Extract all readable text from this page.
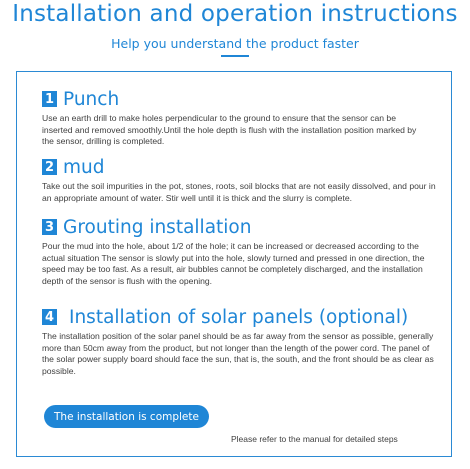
Installation and operation instructions
Help you understand the product faster
1 Punch
Use an earth drill to make holes perpendicular to the ground to ensure that the sensor can be inserted and removed smoothly.Until the hole depth is flush with the installation position marked by the sensor, drilling is completed.
2 mud
Take out the soil impurities in the pot, stones, roots, soil blocks that are not easily dissolved, and pour in an appropriate amount of water. Stir well until it is thick and the slurry is complete.
3 Grouting installation
Pour the mud into the hole, about 1/2 of the hole; it can be increased or decreased according to the actual situation The sensor is slowly put into the hole, slowly turned and pressed in one direction, the speed may be too fast. As a result, air bubbles cannot be completely discharged, and the installation depth of the sensor is flush with the opening.
4 Installation of solar panels (optional)
The installation position of the solar panel should be as far away from the sensor as possible, generally more than 50cm away from the product, but not longer than the length of the power cord. The panel of the solar power supply board should face the sun, that is, the south, and the front should be as clear as possible.
The installation is complete
Please refer to the manual for detailed steps
